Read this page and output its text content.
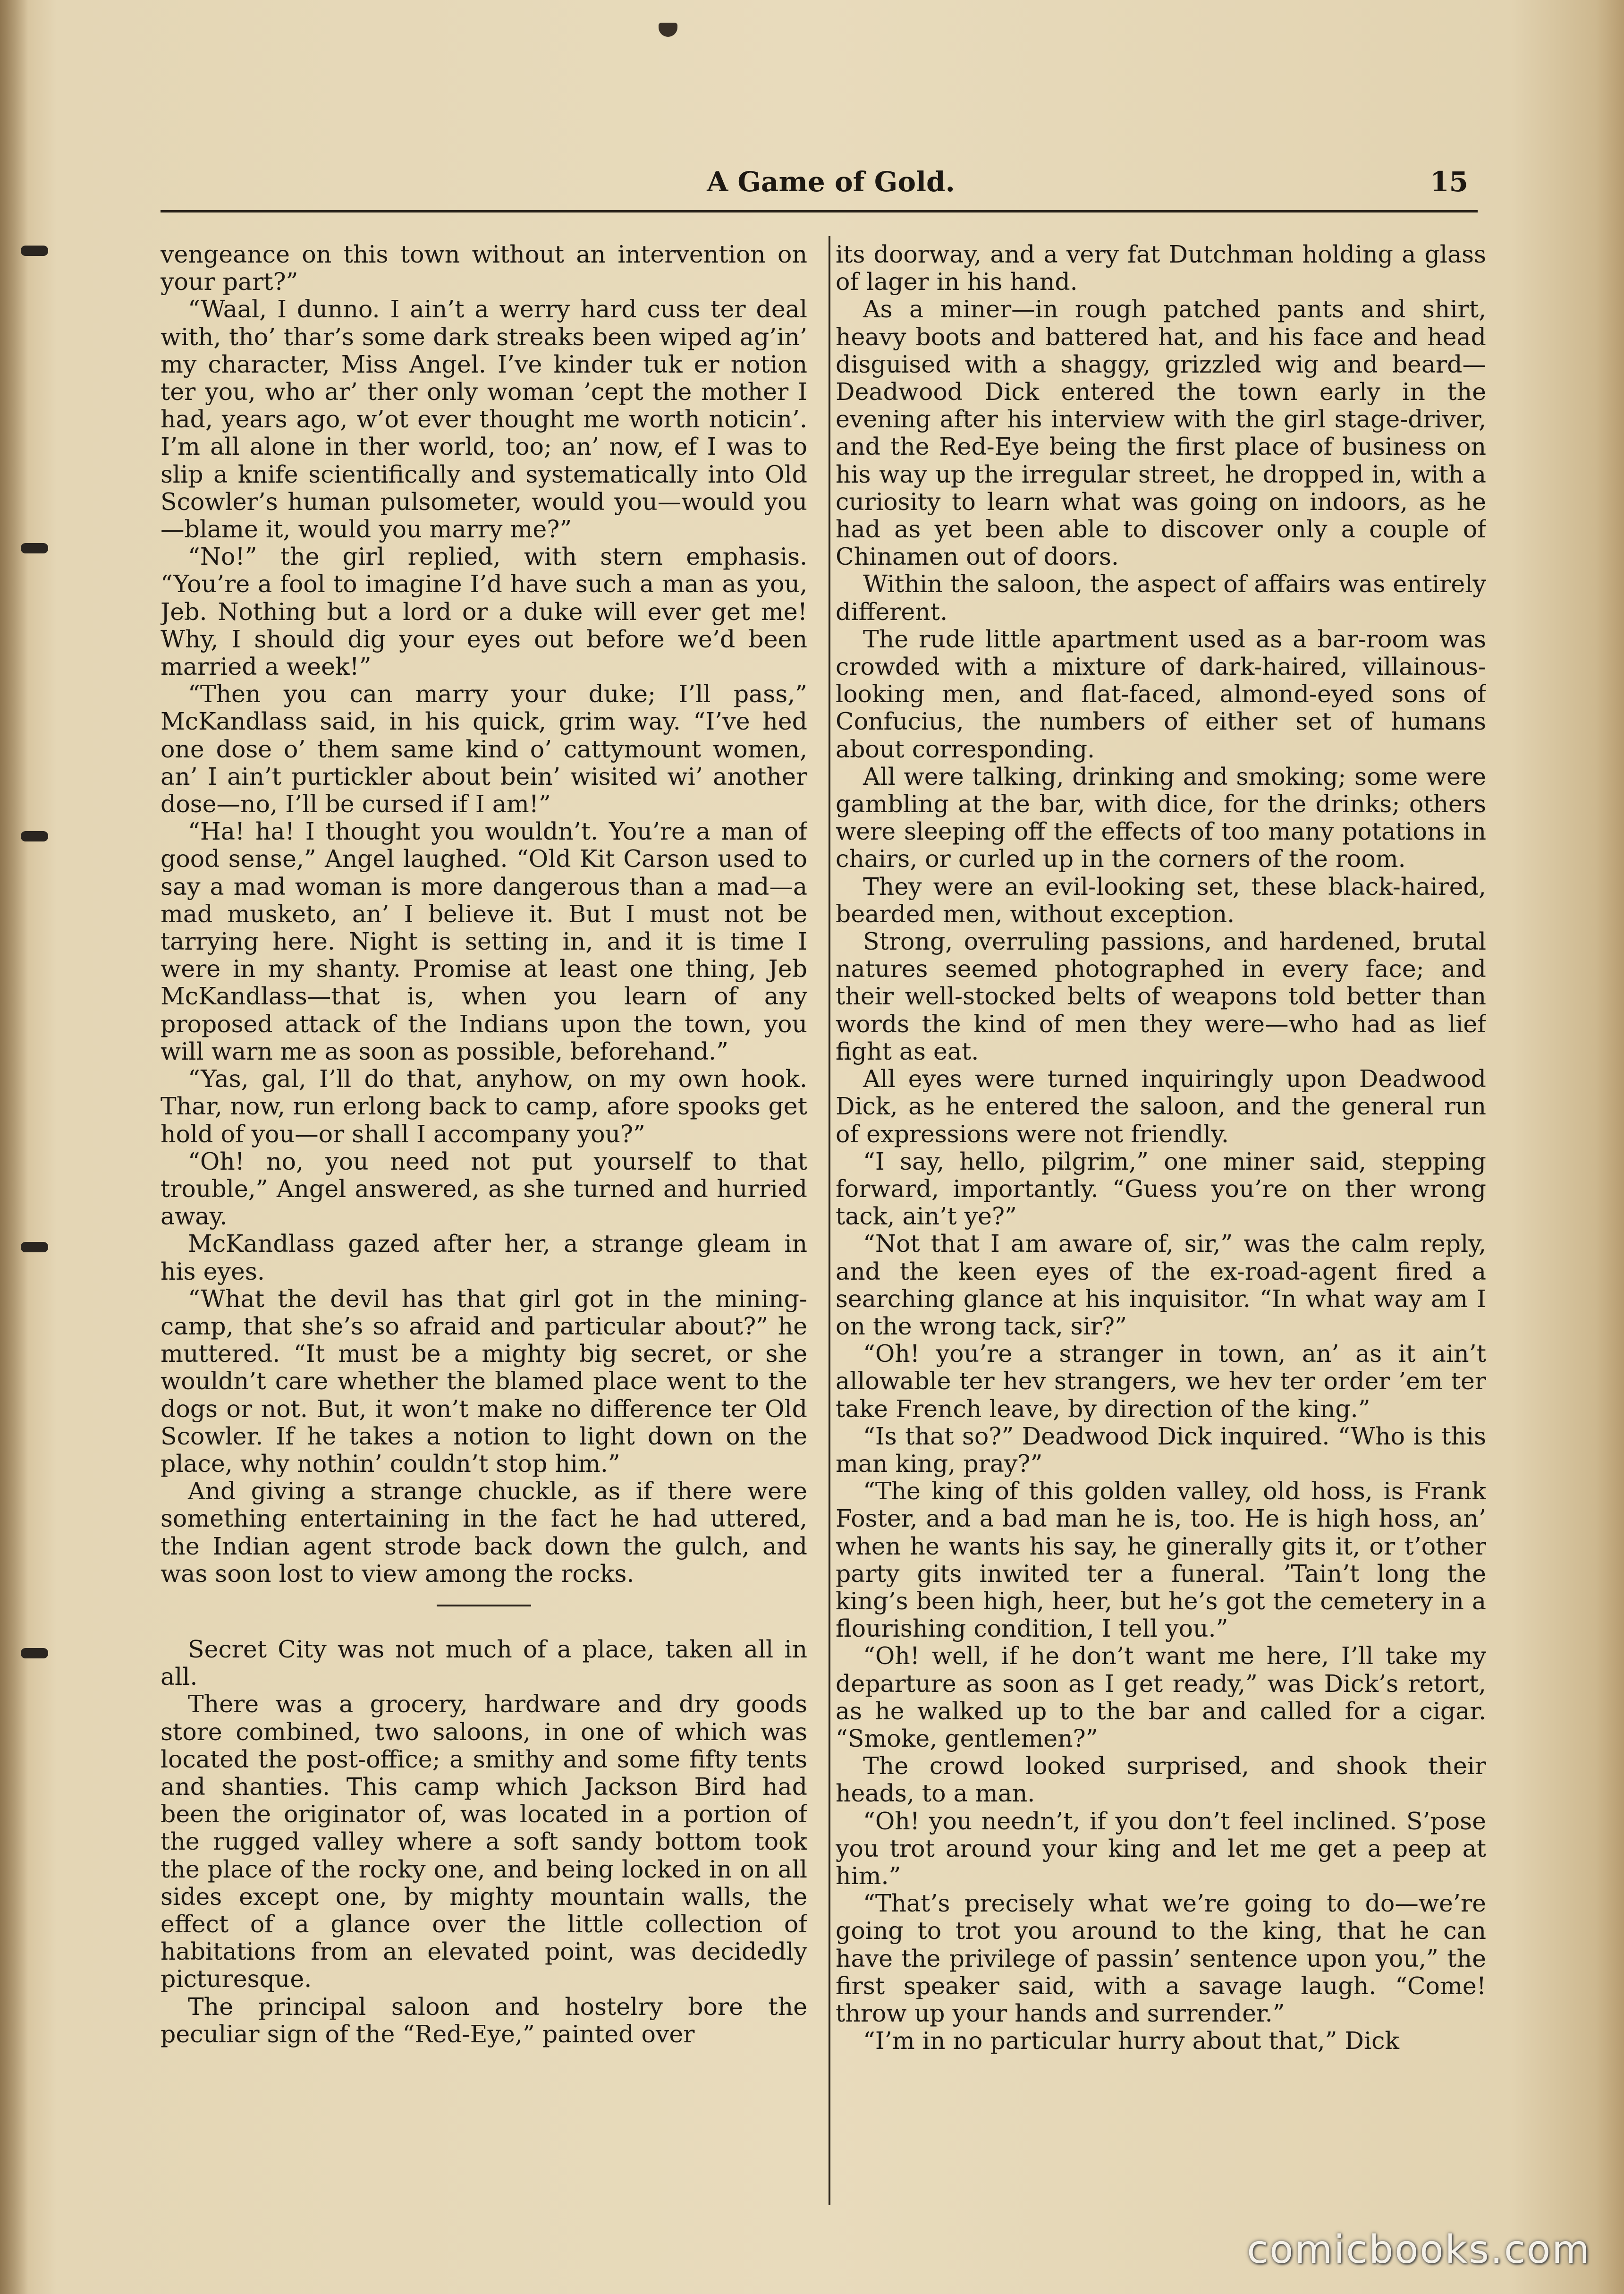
A Game of Gold.	15

vengeance on this town without an intervention on your part?”

“Waal, I dunno. I ain’t a werry hard cuss ter deal with, tho’ thar’s some dark streaks been wiped ag’in’ my character, Miss Angel. I’ve kinder tuk er notion ter you, who ar’ ther only woman ’cept the mother I had, years ago, w’ot ever thought me worth noticin’. I’m all alone in ther world, too; an’ now, ef I was to slip a knife scientifically and systematically into Old Scowler’s human pulsometer, would you—would you—blame it, would you marry me?”

“No!” the girl replied, with stern emphasis. “You’re a fool to imagine I’d have such a man as you, Jeb. Nothing but a lord or a duke will ever get me! Why, I should dig your eyes out before we’d been married a week!”

“Then you can marry your duke; I’ll pass,” McKandlass said, in his quick, grim way. “I’ve hed one dose o’ them same kind o’ cattymount women, an’ I ain’t purtickler about bein’ wisited wi’ another dose—no, I’ll be cursed if I am!”

“Ha! ha! I thought you wouldn’t. You’re a man of good sense,” Angel laughed. “Old Kit Carson used to say a mad woman is more dangerous than a mad—a mad musketo, an’ I believe it. But I must not be tarrying here. Night is setting in, and it is time I were in my shanty. Promise at least one thing, Jeb McKandlass—that is, when you learn of any proposed attack of the Indians upon the town, you will warn me as soon as possible, beforehand.”

“Yas, gal, I’ll do that, anyhow, on my own hook. Thar, now, run erlong back to camp, afore spooks get hold of you—or shall I accompany you?”

“Oh! no, you need not put yourself to that trouble,” Angel answered, as she turned and hurried away.

McKandlass gazed after her, a strange gleam in his eyes.

“What the devil has that girl got in the mining-camp, that she’s so afraid and particular about?” he muttered. “It must be a mighty big secret, or she wouldn’t care whether the blamed place went to the dogs or not. But, it won’t make no difference ter Old Scowler. If he takes a notion to light down on the place, why nothin’ couldn’t stop him.”

And giving a strange chuckle, as if there were something entertaining in the fact he had uttered, the Indian agent strode back down the gulch, and was soon lost to view among the rocks.

Secret City was not much of a place, taken all in all.

There was a grocery, hardware and dry goods store combined, two saloons, in one of which was located the post-office; a smithy and some fifty tents and shanties. This camp which Jackson Bird had been the originator of, was located in a portion of the rugged valley where a soft sandy bottom took the place of the rocky one, and being locked in on all sides except one, by mighty mountain walls, the effect of a glance over the little collection of habitations from an elevated point, was decidedly picturesque.

The principal saloon and hostelry bore the peculiar sign of the “Red-Eye,” painted over

its doorway, and a very fat Dutchman holding a glass of lager in his hand.

As a miner—in rough patched pants and shirt, heavy boots and battered hat, and his face and head disguised with a shaggy, grizzled wig and beard—Deadwood Dick entered the town early in the evening after his interview with the girl stage-driver, and the Red-Eye being the first place of business on his way up the irregular street, he dropped in, with a curiosity to learn what was going on indoors, as he had as yet been able to discover only a couple of Chinamen out of doors.

Within the saloon, the aspect of affairs was entirely different.

The rude little apartment used as a bar-room was crowded with a mixture of dark-haired, villainous-looking men, and flat-faced, almond-eyed sons of Confucius, the numbers of either set of humans about corresponding.

All were talking, drinking and smoking; some were gambling at the bar, with dice, for the drinks; others were sleeping off the effects of too many potations in chairs, or curled up in the corners of the room.

They were an evil-looking set, these black-haired, bearded men, without exception.

Strong, overruling passions, and hardened, brutal natures seemed photographed in every face; and their well-stocked belts of weapons told better than words the kind of men they were—who had as lief fight as eat.

All eyes were turned inquiringly upon Deadwood Dick, as he entered the saloon, and the general run of expressions were not friendly.

“I say, hello, pilgrim,” one miner said, stepping forward, importantly. “Guess you’re on ther wrong tack, ain’t ye?”

“Not that I am aware of, sir,” was the calm reply, and the keen eyes of the ex-road-agent fired a searching glance at his inquisitor. “In what way am I on the wrong tack, sir?”

“Oh! you’re a stranger in town, an’ as it ain’t allowable ter hev strangers, we hev ter order ’em ter take French leave, by direction of the king.”

“Is that so?” Deadwood Dick inquired. “Who is this man king, pray?”

“The king of this golden valley, old hoss, is Frank Foster, and a bad man he is, too. He is high hoss, an’ when he wants his say, he ginerally gits it, or t’other party gits inwited ter a funeral. ’Tain’t long the king’s been high, heer, but he’s got the cemetery in a flourishing condition, I tell you.”

“Oh! well, if he don’t want me here, I’ll take my departure as soon as I get ready,” was Dick’s retort, as he walked up to the bar and called for a cigar. “Smoke, gentlemen?”

The crowd looked surprised, and shook their heads, to a man.

“Oh! you needn’t, if you don’t feel inclined. S’pose you trot around your king and let me get a peep at him.”

“That’s precisely what we’re going to do—we’re going to trot you around to the king, that he can have the privilege of passin’ sentence upon you,” the first speaker said, with a savage laugh. “Come! throw up your hands and surrender.”

“I’m in no particular hurry about that,” Dick

comicbooks.com
